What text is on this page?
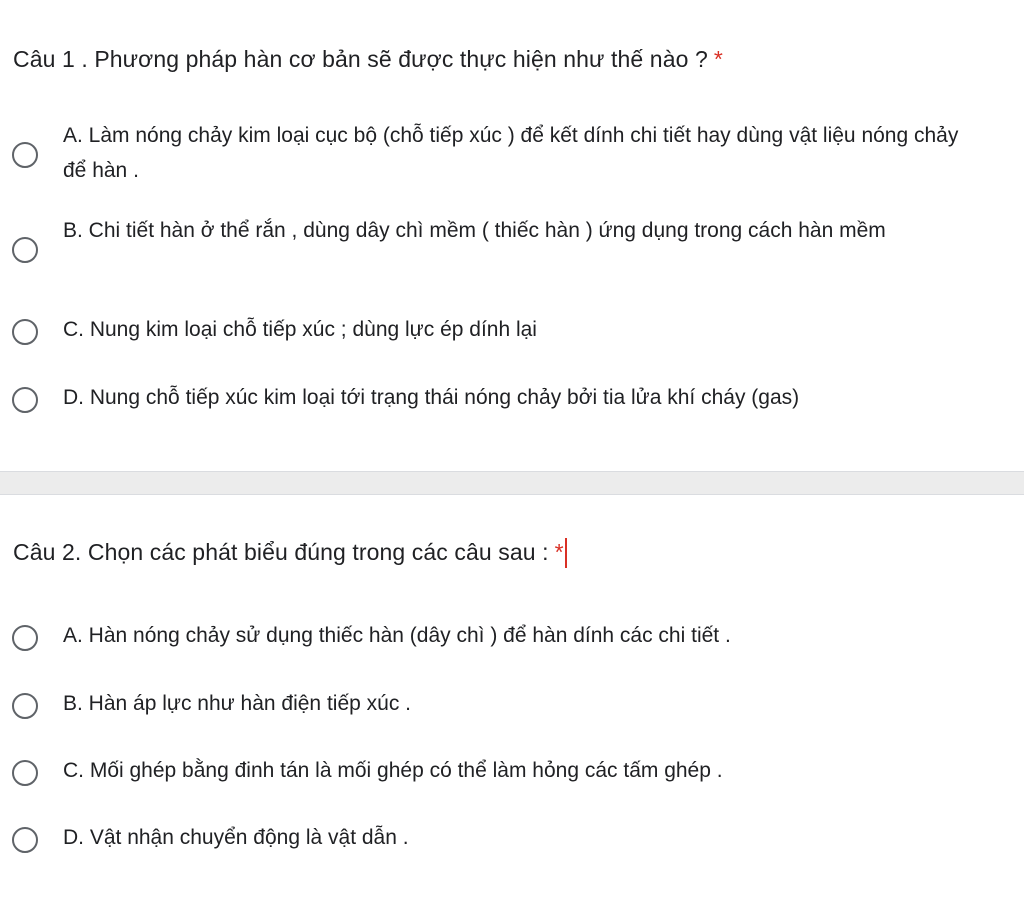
Câu 1 . Phương pháp hàn cơ bản sẽ được thực hiện như thế nào ? *
A. Làm nóng chảy kim loại cục bộ (chỗ tiếp xúc ) để kết dính chi tiết hay dùng vật liệu nóng chảy để hàn .
B. Chi tiết hàn ở thể rắn , dùng dây chì mềm ( thiếc hàn ) ứng dụng trong cách hàn mềm
C. Nung kim loại chỗ tiếp xúc ; dùng lực ép dính lại
D. Nung chỗ tiếp xúc kim loại tới trạng thái nóng chảy bởi tia lửa khí cháy (gas)
Câu 2. Chọn các phát biểu đúng trong các câu sau : *
A. Hàn nóng chảy sử dụng thiếc hàn (dây chì ) để hàn dính các chi tiết .
B. Hàn áp lực như hàn điện tiếp xúc .
C. Mối ghép bằng đinh tán là mối ghép có thể làm hỏng các tấm ghép .
D. Vật nhận chuyển động là vật dẫn .
